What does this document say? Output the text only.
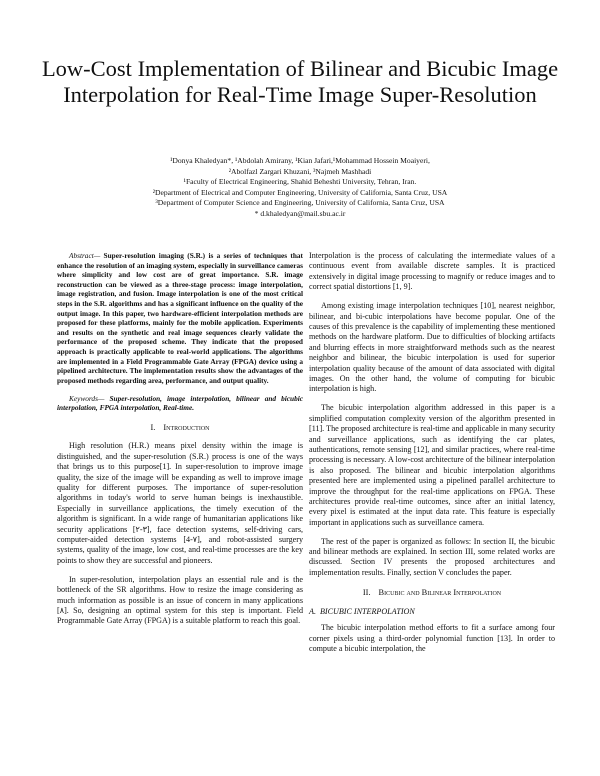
Low-Cost Implementation of Bilinear and Bicubic Image Interpolation for Real-Time Image Super-Resolution
¹Donya Khaledyan*, ¹Abdolah Amirany, ¹Kian Jafari,¹Mohammad Hossein Moaiyeri,
²Abolfazl Zargari Khuzani, ³Najmeh Mashhadi
¹Faculty of Electrical Engineering, Shahid Beheshti University, Tehran, Iran.
²Department of Electrical and Computer Engineering, University of California, Santa Cruz, USA
³Department of Computer Science and Engineering, University of California, Santa Cruz, USA
* d.khaledyan@mail.sbu.ac.ir

Abstract— Super-resolution imaging (S.R.) is a series of techniques that enhance the resolution of an imaging system, especially in surveillance cameras where simplicity and low cost are of great importance. S.R. image reconstruction can be viewed as a three-stage process: image interpolation, image registration, and fusion. Image interpolation is one of the most critical steps in the S.R. algorithms and has a significant influence on the quality of the output image. In this paper, two hardware-efficient interpolation methods are proposed for these platforms, mainly for the mobile application. Experiments and results on the synthetic and real image sequences clearly validate the performance of the proposed scheme. They indicate that the proposed approach is practically applicable to real-world applications. The algorithms are implemented in a Field Programmable Gate Array (FPGA) device using a pipelined architecture. The implementation results show the advantages of the proposed methods regarding area, performance, and output quality.

Keywords— Super-resolution, image interpolation, bilinear and bicubic interpolation, FPGA interpolation, Real-time.

I. Introduction

High resolution (H.R.) means pixel density within the image is distinguished, and the super-resolution (S.R.) process is one of the ways that brings us to this purpose[1]. In super-resolution to improve image quality, the size of the image will be expanding as well to improve image quality for different purposes. The importance of super-resolution algorithms in today's world to serve human beings is inexhaustible. Especially in surveillance applications, the timely execution of the algorithm is significant. In a wide range of humanitarian applications like security applications [۲-۳], face detection systems, self-driving cars, computer-aided detection systems [4-۷], and robot-assisted surgery systems, quality of the image, low cost, and real-time processes are the key points to show they are successful and pioneers.

In super-resolution, interpolation plays an essential rule and is the bottleneck of the SR algorithms. How to resize the image considering as much information as possible is an issue of concern in many applications [٨]. So, designing an optimal system for this step is important. Field Programmable Gate Array (FPGA) is a suitable platform to reach this goal.

Interpolation is the process of calculating the intermediate values of a continuous event from available discrete samples. It is practiced extensively in digital image processing to magnify or reduce images and to correct spatial distortions [1, 9].

Among existing image interpolation techniques [10], nearest neighbor, bilinear, and bi-cubic interpolations have become popular. One of the causes of this prevalence is the capability of implementing these mentioned methods on the hardware platform. Due to difficulties of blocking artifacts and blurring effects in more straightforward methods such as the nearest neighbor and bilinear, the bicubic interpolation is used for superior interpolation quality because of the amount of data associated with digital images. On the other hand, the volume of computing for bicubic interpolation is high.

The bicubic interpolation algorithm addressed in this paper is a simplified computation complexity version of the algorithm presented in [11]. The proposed architecture is real-time and applicable in many security and surveillance applications, such as identifying the car plates, authentications, remote sensing [12], and similar practices, where real-time processing is necessary. A low-cost architecture of the bilinear interpolation is also proposed. The bilinear and bicubic interpolation algorithms presented here are implemented using a pipelined parallel architecture to improve the throughput for the real-time applications on FPGA. These architectures provide real-time outcomes, since after an initial latency, every pixel is estimated at the input data rate. This feature is especially important in applications such as surveillance camera.

The rest of the paper is organized as follows: In section II, the bicubic and bilinear methods are explained. In section III, some related works are discussed. Section IV presents the proposed architectures and implementation results. Finally, section V concludes the paper.

II. Bicubic and Bilinear Interpolation

A. BICUBIC INTERPOLATION

The bicubic interpolation method efforts to fit a surface among four corner pixels using a third-order polynomial function [13]. In order to compute a bicubic interpolation, the
